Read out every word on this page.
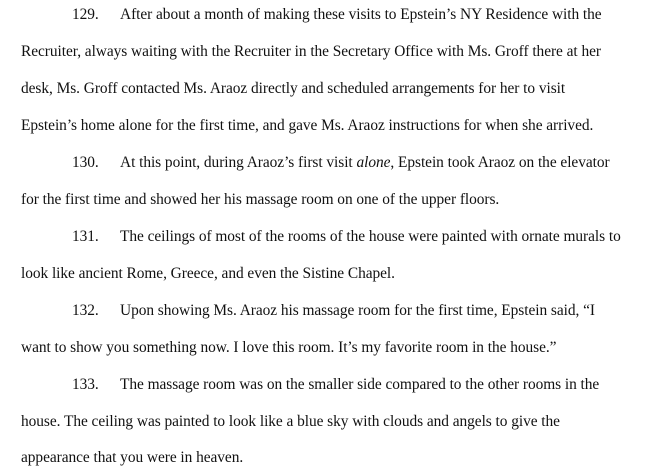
129. After about a month of making these visits to Epstein’s NY Residence with the
Recruiter, always waiting with the Recruiter in the Secretary Office with Ms. Groff there at her
desk, Ms. Groff contacted Ms. Araoz directly and scheduled arrangements for her to visit
Epstein’s home alone for the first time, and gave Ms. Araoz instructions for when she arrived.
130. At this point, during Araoz’s first visit alone, Epstein took Araoz on the elevator
for the first time and showed her his massage room on one of the upper floors.
131. The ceilings of most of the rooms of the house were painted with ornate murals to
look like ancient Rome, Greece, and even the Sistine Chapel.
132. Upon showing Ms. Araoz his massage room for the first time, Epstein said, “I
want to show you something now. I love this room. It’s my favorite room in the house.”
133. The massage room was on the smaller side compared to the other rooms in the
house. The ceiling was painted to look like a blue sky with clouds and angels to give the
appearance that you were in heaven.
